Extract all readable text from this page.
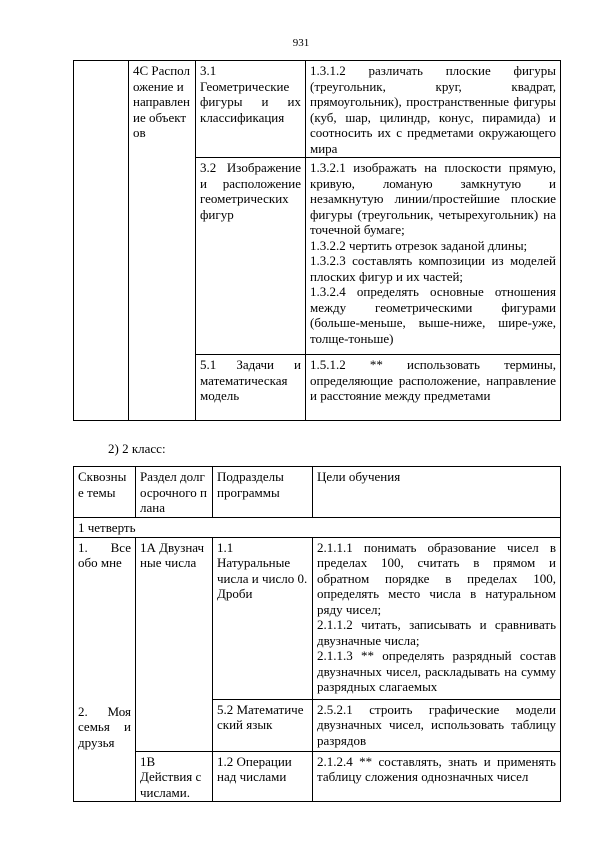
931
	4С Расположение и направление объектов	3.1 Геометрические фигуры и их классификация	1.3.1.2 различать плоские фигуры (треугольник, круг, квадрат, прямоугольник), пространственные фигуры (куб, шар, цилиндр, конус, пирамида) и соотносить их с предметами окружающего мира

		3.2 Изображение и расположение геометрических фигур	1.3.2.1 изображать на плоскости прямую, кривую, ломаную замкнутую и незамкнутую линии/простейшие плоские фигуры (треугольник, четырехугольник) на точечной бумаге;
1.3.2.2 чертить отрезок заданой длины;
1.3.2.3 составлять композиции из моделей плоских фигур и их частей;
1.3.2.4 определять основные отношения между геометрическими фигурами (больше-меньше, выше-ниже, шире-уже, толще-тоньше)

		5.1 Задачи и математическая модель	1.5.1.2 ** использовать термины, определяющие расположение, направление и расстояние между предметами
2) 2 класс:
Сквозные темы	Раздел долгосрочного плана	Подразделы программы	Цели обучения
1 четверть			

1. Все обо мне
2. Моя семья и друзья	1А Двузначные числа	1.1 Натуральные числа и число 0. Дроби	2.1.1.1 понимать образование чисел в пределах 100, считать в прямом и обратном порядке в пределах 100, определять место числа в натуральном ряду чисел;
2.1.1.2 читать, записывать и сравнивать двузначные числа;
2.1.1.3 ** определять разрядный состав двузначных чисел, раскладывать на сумму разрядных слагаемых

		5.2 Математический язык	2.5.2.1 строить графические модели двузначных чисел, использовать таблицу разрядов

	1В Действия с числами.	1.2 Операции над числами	2.1.2.4 ** составлять, знать и применять таблицу сложения однозначных чисел
